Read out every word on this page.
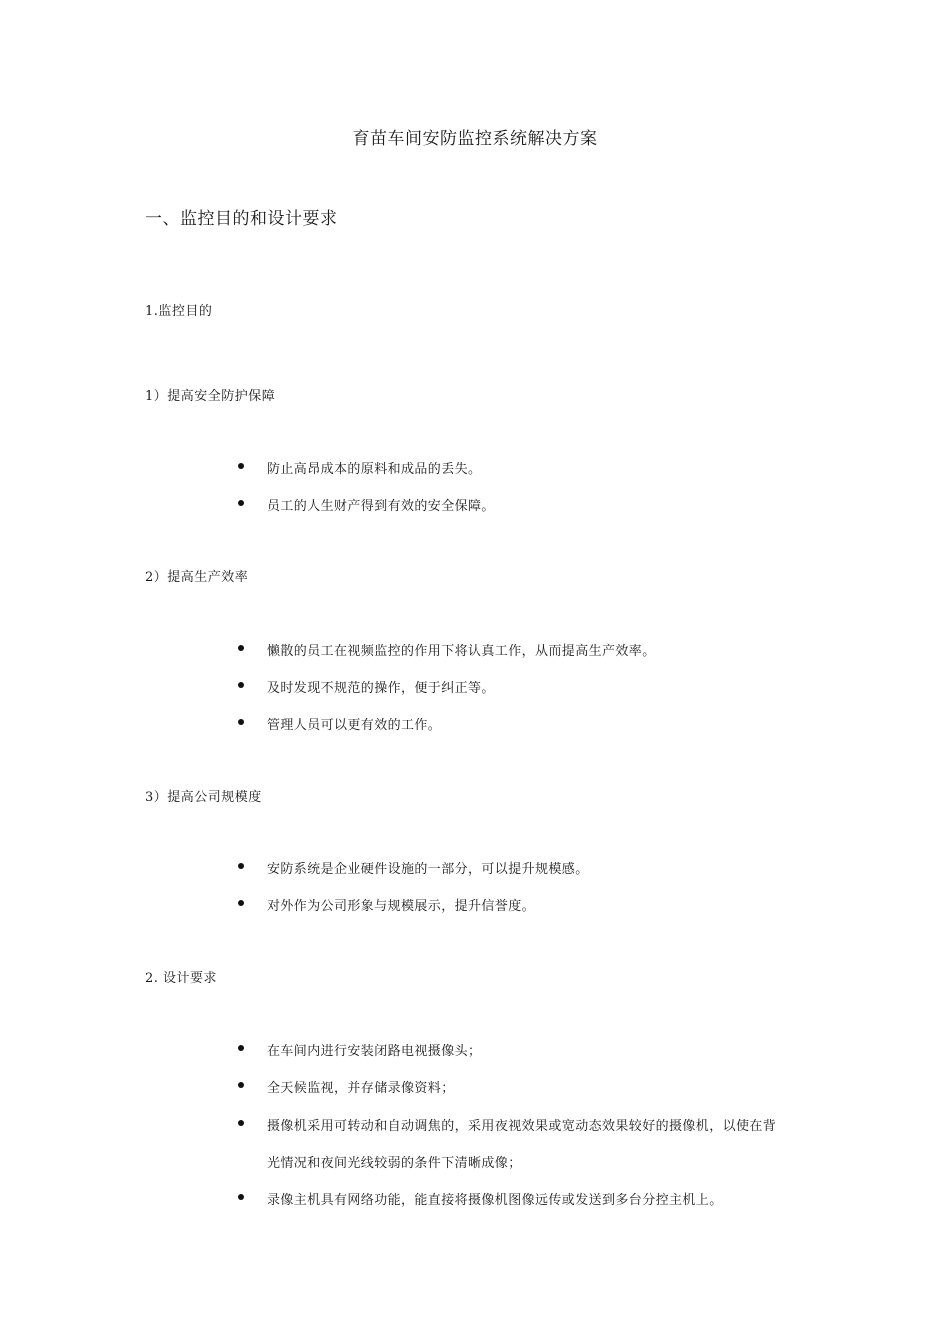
育苗车间安防监控系统解决方案
一、监控目的和设计要求
1.监控目的
1）提高安全防护保障
防止高昂成本的原料和成品的丢失。
员工的人生财产得到有效的安全保障。
2）提高生产效率
懒散的员工在视频监控的作用下将认真工作，从而提高生产效率。
及时发现不规范的操作，便于纠正等。
管理人员可以更有效的工作。
3）提高公司规模度
安防系统是企业硬件设施的一部分，可以提升规模感。
对外作为公司形象与规模展示，提升信誉度。
2. 设计要求
在车间内进行安装闭路电视摄像头；
全天候监视，并存储录像资料；
摄像机采用可转动和自动调焦的，采用夜视效果或宽动态效果较好的摄像机，以使在背
光情况和夜间光线较弱的条件下清晰成像；
录像主机具有网络功能，能直接将摄像机图像远传或发送到多台分控主机上。
